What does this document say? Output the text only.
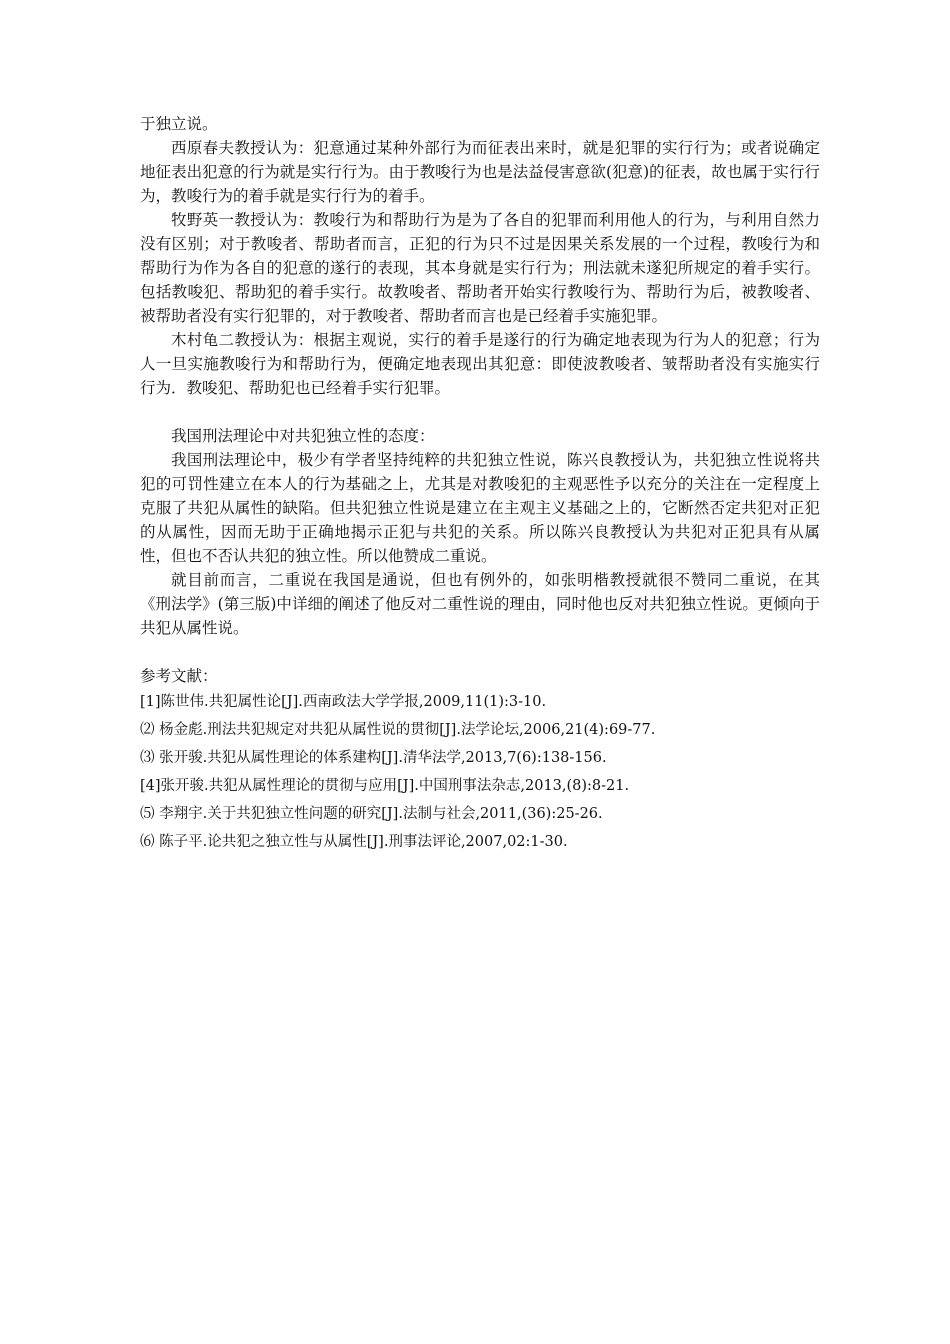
于独立说。

西原春夫教授认为：犯意通过某种外部行为而征表出来时，就是犯罪的实行行为；或者说确定地征表出犯意的行为就是实行行为。由于教唆行为也是法益侵害意欲(犯意)的征表，故也属于实行行为，教唆行为的着手就是实行行为的着手。

牧野英一教授认为：教唆行为和帮助行为是为了各自的犯罪而利用他人的行为，与利用自然力没有区别；对于教唆者、帮助者而言，正犯的行为只不过是因果关系发展的一个过程，教唆行为和帮助行为作为各自的犯意的遂行的表现，其本身就是实行行为；刑法就未遂犯所规定的着手实行。包括教唆犯、帮助犯的着手实行。故教唆者、帮助者开始实行教唆行为、帮助行为后，被教唆者、被帮助者没有实行犯罪的，对于教唆者、帮助者而言也是已经着手实施犯罪。

木村龟二教授认为：根据主观说，实行的着手是遂行的行为确定地表现为行为人的犯意；行为人一旦实施教唆行为和帮助行为，便确定地表现出其犯意：即使波教唆者、皱帮助者没有实施实行行为．教唆犯、帮助犯也已经着手实行犯罪。

我国刑法理论中对共犯独立性的态度：

我国刑法理论中，极少有学者坚持纯粹的共犯独立性说，陈兴良教授认为，共犯独立性说将共犯的可罚性建立在本人的行为基础之上，尤其是对教唆犯的主观恶性予以充分的关注在一定程度上克服了共犯从属性的缺陷。但共犯独立性说是建立在主观主义基础之上的，它断然否定共犯对正犯的从属性，因而无助于正确地揭示正犯与共犯的关系。所以陈兴良教授认为共犯对正犯具有从属性，但也不否认共犯的独立性。所以他赞成二重说。

就目前而言，二重说在我国是通说，但也有例外的，如张明楷教授就很不赞同二重说，在其《刑法学》(第三版)中详细的阐述了他反对二重性说的理由，同时他也反对共犯独立性说。更倾向于共犯从属性说。

参考文献：

[1]陈世伟.共犯属性论[J].西南政法大学学报,2009,11(1):3-10.

⑵ 杨金彪.刑法共犯规定对共犯从属性说的贯彻[J].法学论坛,2006,21(4):69-77.

⑶ 张开骏.共犯从属性理论的体系建构[J].清华法学,2013,7(6):138-156.

[4]张开骏.共犯从属性理论的贯彻与应用[J].中国刑事法杂志,2013,(8):8-21.

⑸ 李翔宇.关于共犯独立性问题的研究[J].法制与社会,2011,(36):25-26.

⑹ 陈子平.论共犯之独立性与从属性[J].刑事法评论,2007,02:1-30.
